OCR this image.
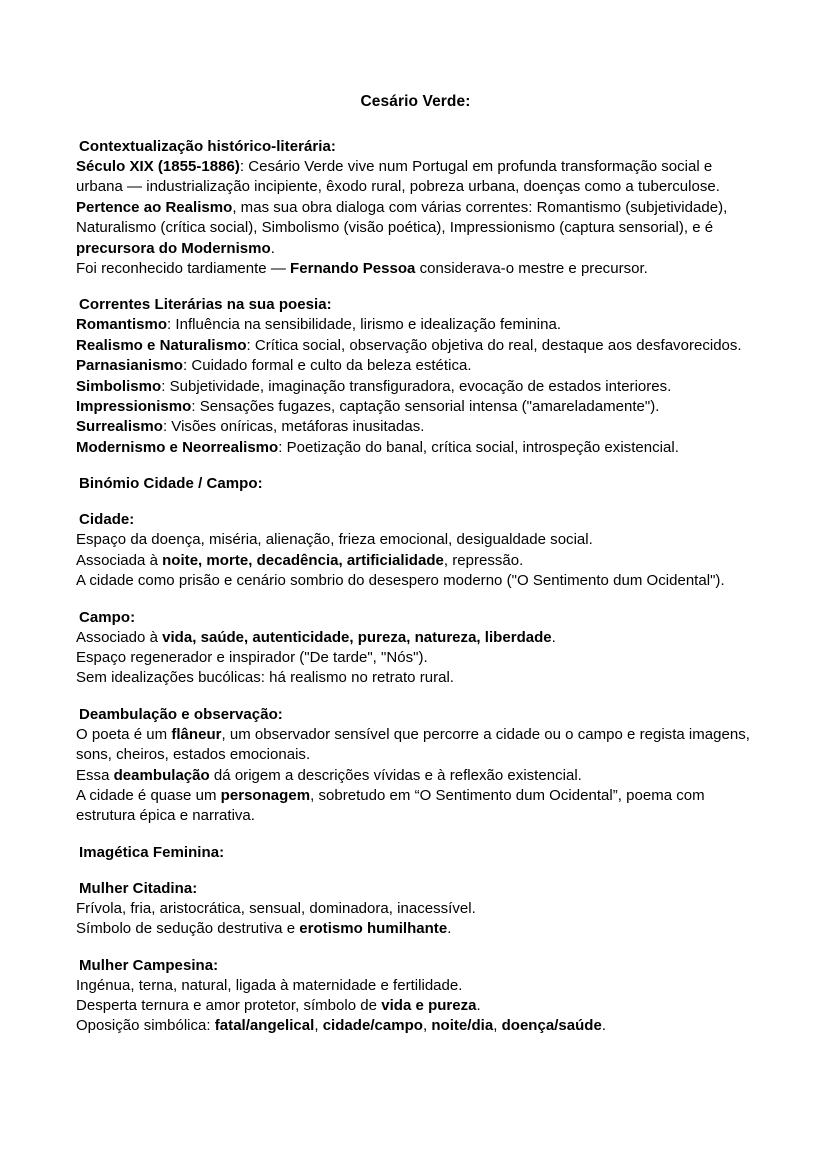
Cesário Verde:
Contextualização histórico-literária:

Século XIX (1855-1886): Cesário Verde vive num Portugal em profunda transformação social e urbana — industrialização incipiente, êxodo rural, pobreza urbana, doenças como a tuberculose.

Pertence ao Realismo, mas sua obra dialoga com várias correntes: Romantismo (subjetividade), Naturalismo (crítica social), Simbolismo (visão poética), Impressionismo (captura sensorial), e é precursora do Modernismo.

Foi reconhecido tardiamente — Fernando Pessoa considerava-o mestre e precursor.

Correntes Literárias na sua poesia:

Romantismo: Influência na sensibilidade, lirismo e idealização feminina.

Realismo e Naturalismo: Crítica social, observação objetiva do real, destaque aos desfavorecidos.

Parnasianismo: Cuidado formal e culto da beleza estética.

Simbolismo: Subjetividade, imaginação transfiguradora, evocação de estados interiores.

Impressionismo: Sensações fugazes, captação sensorial intensa ("amareladamente").

Surrealismo: Visões oníricas, metáforas inusitadas.

Modernismo e Neorrealismo: Poetização do banal, crítica social, introspeção existencial.

Binómio Cidade / Campo:
Cidade:

Espaço da doença, miséria, alienação, frieza emocional, desigualdade social.

Associada à noite, morte, decadência, artificialidade, repressão.

A cidade como prisão e cenário sombrio do desespero moderno ("O Sentimento dum Ocidental").

Campo:

Associado à vida, saúde, autenticidade, pureza, natureza, liberdade.

Espaço regenerador e inspirador ("De tarde", "Nós").

Sem idealizações bucólicas: há realismo no retrato rural.

Deambulação e observação:

O poeta é um flâneur, um observador sensível que percorre a cidade ou o campo e regista imagens, sons, cheiros, estados emocionais.

Essa deambulação dá origem a descrições vívidas e à reflexão existencial.

A cidade é quase um personagem, sobretudo em “O Sentimento dum Ocidental”, poema com estrutura épica e narrativa.

Imagética Feminina:
Mulher Citadina:

Frívola, fria, aristocrática, sensual, dominadora, inacessível.

Símbolo de sedução destrutiva e erotismo humilhante.

Mulher Campesina:

Ingénua, terna, natural, ligada à maternidade e fertilidade.

Desperta ternura e amor protetor, símbolo de vida e pureza.

Oposição simbólica: fatal/angelical, cidade/campo, noite/dia, doença/saúde.
